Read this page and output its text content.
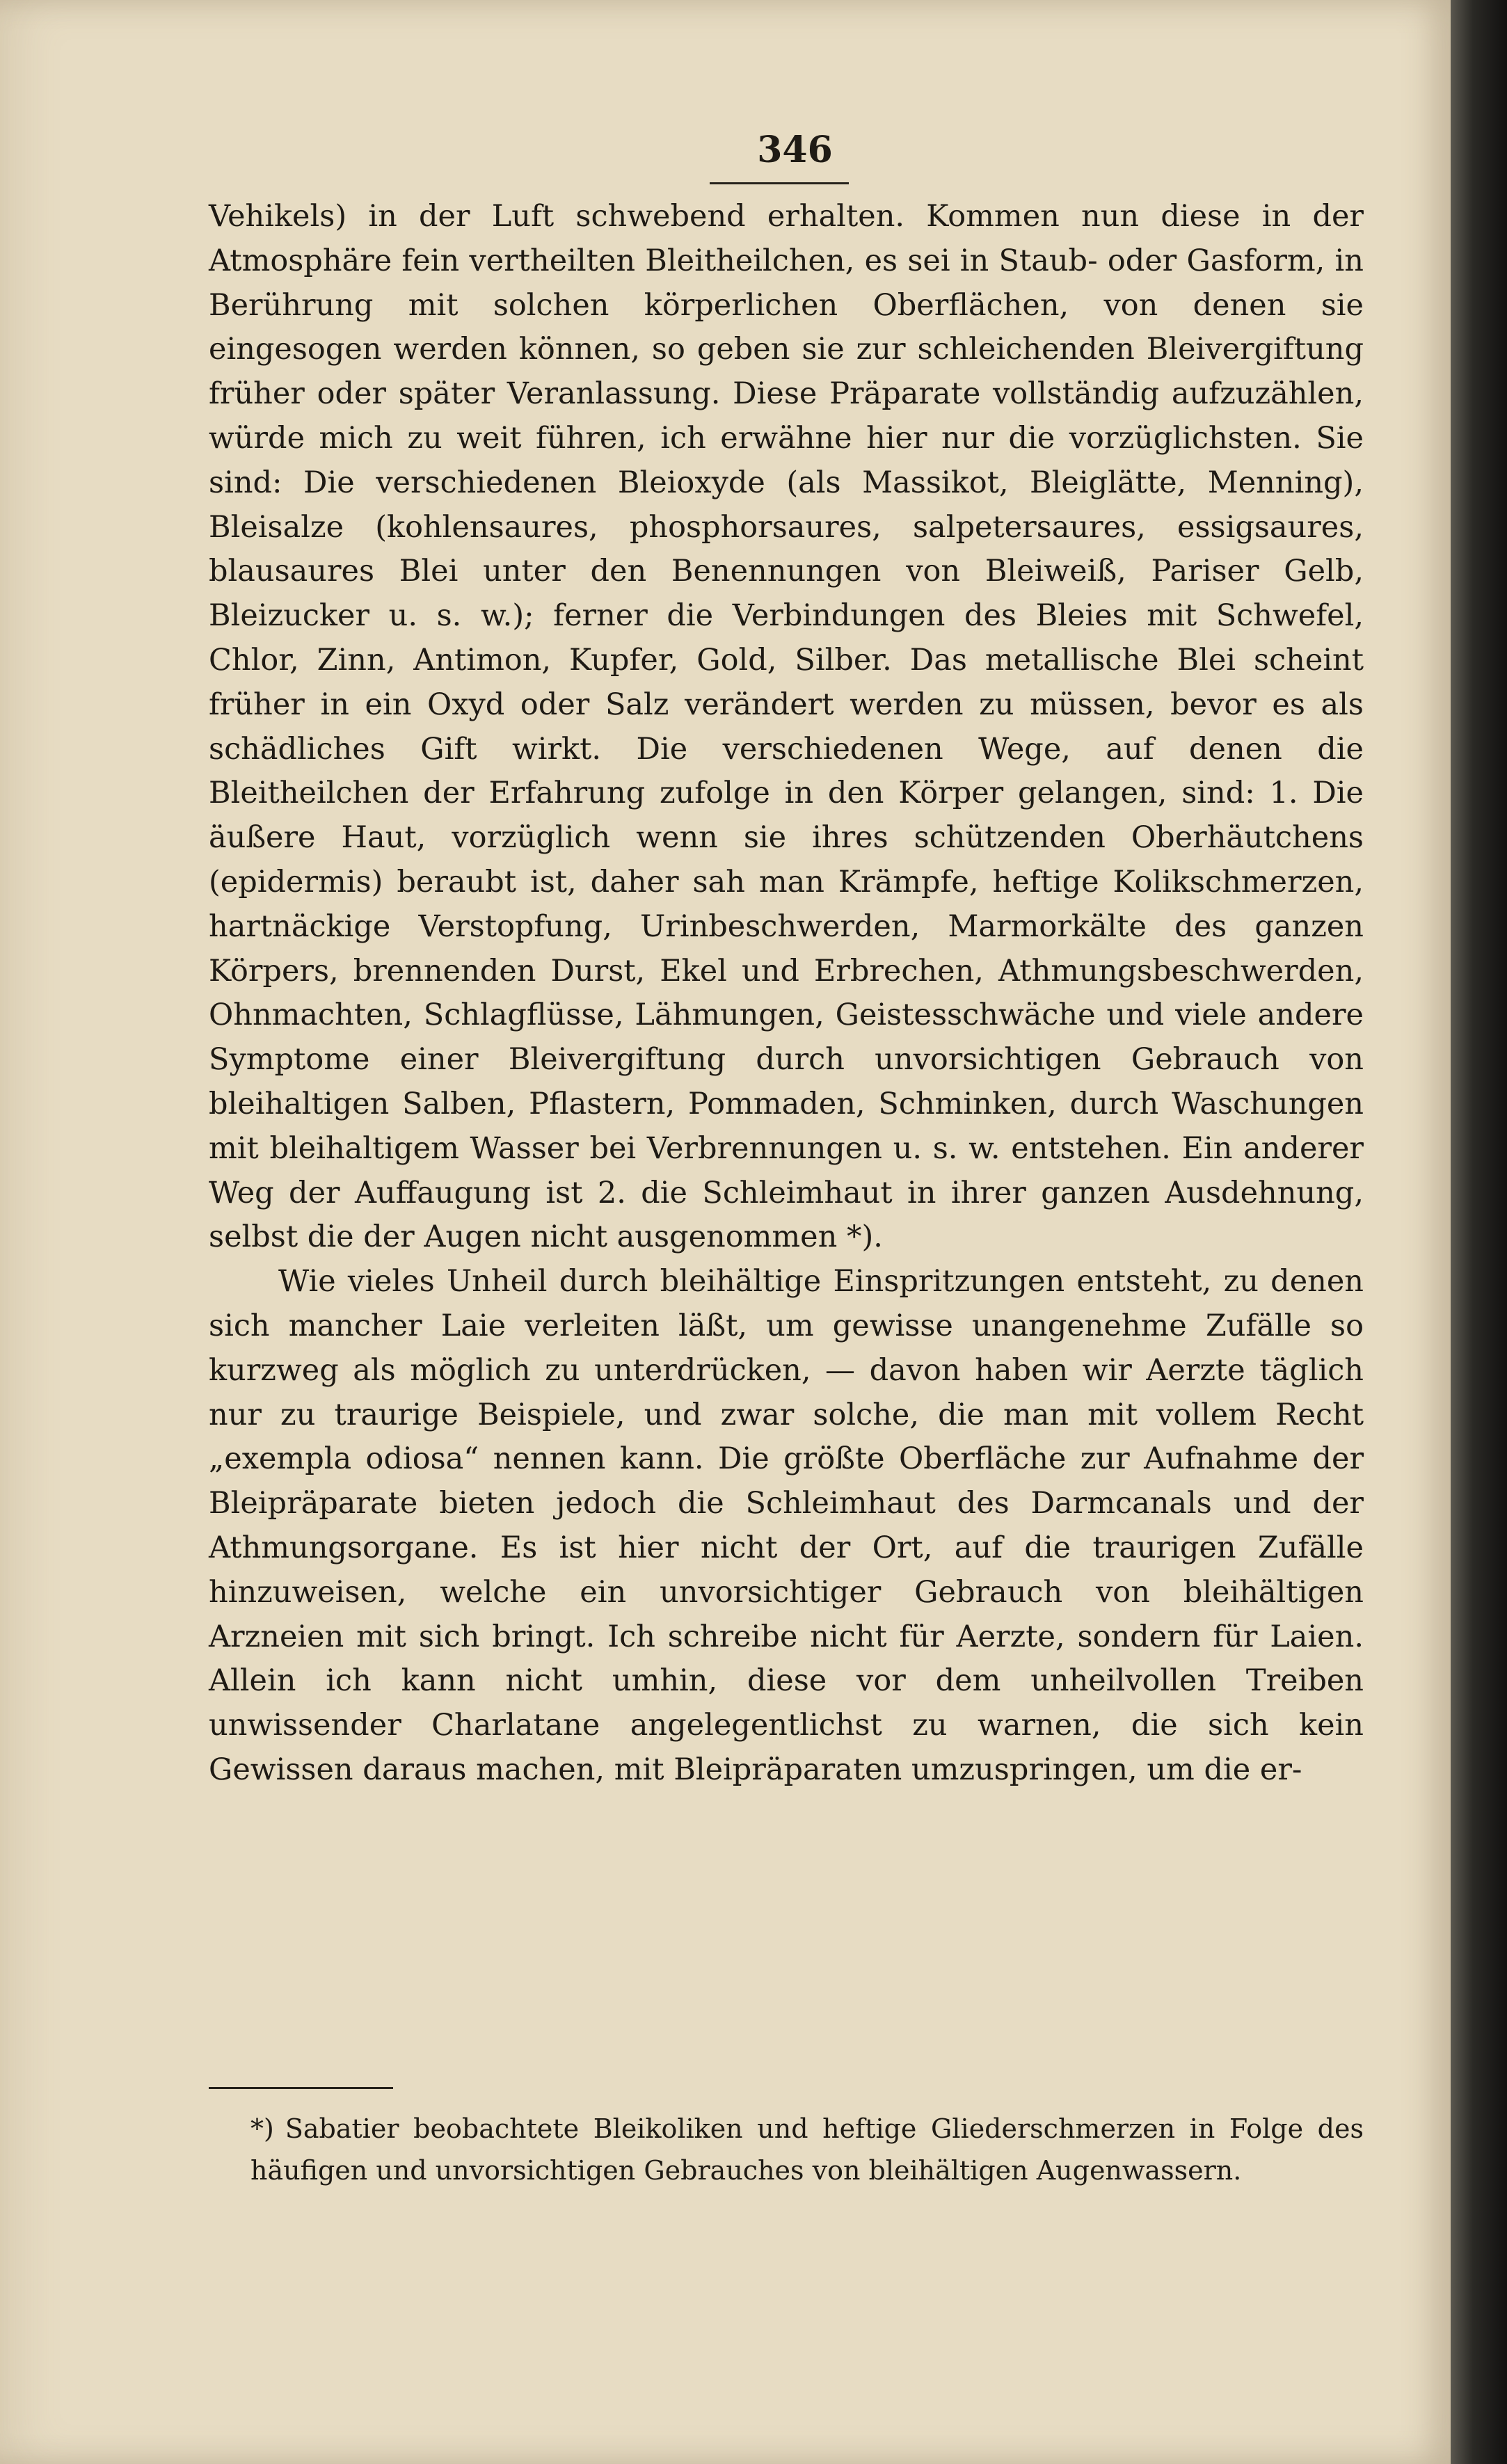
346

Vehikels) in der Luft schwebend erhalten. Kommen nun diese in der Atmosphäre fein vertheilten Bleitheilchen, es sei in Staub- oder Gasform, in Berührung mit solchen körperlichen Oberflächen, von denen sie eingesogen werden können, so geben sie zur schleichenden Bleivergiftung früher oder später Veranlassung. Diese Präparate vollständig aufzuzählen, würde mich zu weit führen, ich erwähne hier nur die vorzüglichsten. Sie sind: Die verschiedenen Bleioxyde (als Massikot, Bleiglätte, Menning), Bleisalze (kohlensaures, phosphorsaures, salpetersaures, essigsaures, blausaures Blei unter den Benennungen von Bleiweiß, Pariser Gelb, Bleizucker u. s. w.); ferner die Verbindungen des Bleies mit Schwefel, Chlor, Zinn, Antimon, Kupfer, Gold, Silber. Das metallische Blei scheint früher in ein Oxyd oder Salz verändert werden zu müssen, bevor es als schädliches Gift wirkt. Die verschiedenen Wege, auf denen die Bleitheilchen der Erfahrung zufolge in den Körper gelangen, sind: 1. Die äußere Haut, vorzüglich wenn sie ihres schützenden Oberhäutchens (epidermis) beraubt ist, daher sah man Krämpfe, heftige Kolikschmerzen, hartnäckige Verstopfung, Urinbeschwerden, Marmorkälte des ganzen Körpers, brennenden Durst, Ekel und Erbrechen, Athmungsbeschwerden, Ohnmachten, Schlagflüsse, Lähmungen, Geistesschwäche und viele andere Symptome einer Bleivergiftung durch unvorsichtigen Gebrauch von bleihaltigen Salben, Pflastern, Pommaden, Schminken, durch Waschungen mit bleihaltigem Wasser bei Verbrennungen u. s. w. entstehen. Ein anderer Weg der Auffaugung ist 2. die Schleimhaut in ihrer ganzen Ausdehnung, selbst die der Augen nicht ausgenommen *).

Wie vieles Unheil durch bleihältige Einspritzungen entsteht, zu denen sich mancher Laie verleiten läßt, um gewisse unangenehme Zufälle so kurzweg als möglich zu unterdrücken, — davon haben wir Aerzte täglich nur zu traurige Beispiele, und zwar solche, die man mit vollem Recht „exempla odiosa“ nennen kann. Die größte Oberfläche zur Aufnahme der Bleipräparate bieten jedoch die Schleimhaut des Darmcanals und der Athmungsorgane. Es ist hier nicht der Ort, auf die traurigen Zufälle hinzuweisen, welche ein unvorsichtiger Gebrauch von bleihältigen Arzneien mit sich bringt. Ich schreibe nicht für Aerzte, sondern für Laien. Allein ich kann nicht umhin, diese vor dem unheilvollen Treiben unwissender Charlatane angelegentlichst zu warnen, die sich kein Gewissen daraus machen, mit Bleipräparaten umzuspringen, um die er-

*) Sabatier beobachtete Bleikoliken und heftige Gliederschmerzen in Folge des häufigen und unvorsichtigen Gebrauches von bleihältigen Augenwassern.
